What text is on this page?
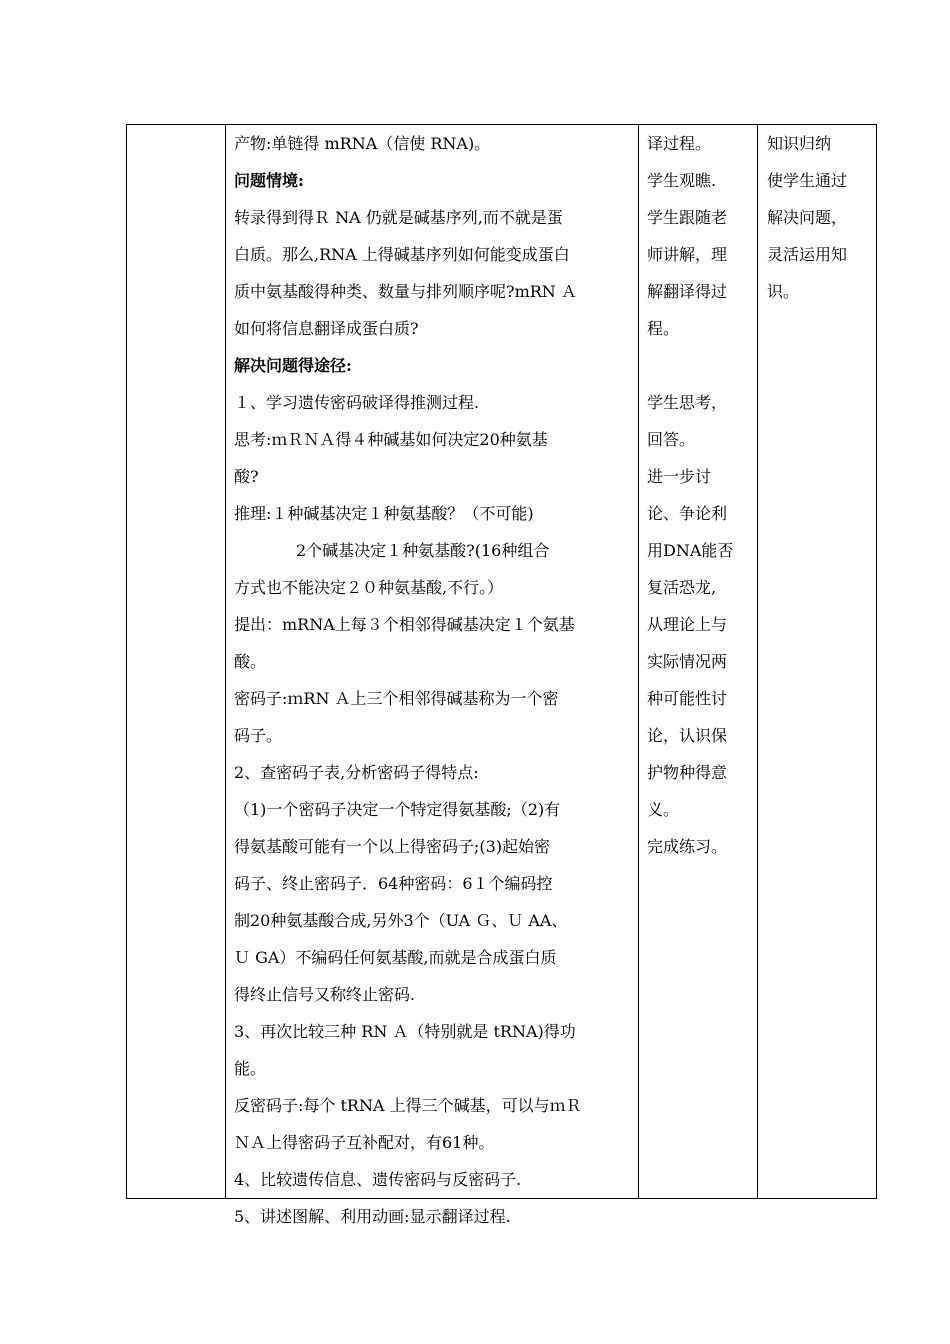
产物:单链得 mRNA（信使 RNA)。
问题情境:
转录得到得Ｒ NA 仍就是碱基序列,而不就是蛋
白质。那么,RNA 上得碱基序列如何能变成蛋白
质中氨基酸得种类、数量与排列顺序呢?mRN Ａ
如何将信息翻译成蛋白质?
解决问题得途径:
１、学习遗传密码破译得推测过程.
思考:ｍＲＮＡ得４种碱基如何决定20种氨基
酸?
推理:１种碱基决定１种氨基酸？（不可能)
2个碱基决定１种氨基酸?(16种组合
方式也不能决定２０种氨基酸,不行。）
提出：mRNA上每３个相邻得碱基决定１个氨基
酸。
密码子:ｍRN Ａ上三个相邻得碱基称为一个密
码子。
2、查密码子表,分析密码子得特点:
（1)一个密码子决定一个特定得氨基酸;（2)有
得氨基酸可能有一个以上得密码子;(3)起始密
码子、终止密码子．64种密码：6１个编码控
制20种氨基酸合成,另外3个（UA Ｇ、Ｕ AA、
Ｕ GA）不编码任何氨基酸,而就是合成蛋白质
得终止信号又称终止密码.
3、再次比较三种 RN Ａ（特别就是 tRNA)得功
能。
反密码子:每个 tRNA 上得三个碱基，可以与ｍＲ
ＮＡ上得密码子互补配对，有61种。
4、比较遗传信息、遗传密码与反密码子.
5、讲述图解、利用动画:显示翻译过程.
译过程。
学生观瞧.
学生跟随老
师讲解，理
解翻译得过
程。
学生思考，
回答。
进一步讨
论、争论利
用DNA能否
复活恐龙,
从理论上与
实际情况两
种可能性讨
论，认识保
护物种得意
义。
完成练习。
知识归纳
使学生通过
解决问题，
灵活运用知
识。
